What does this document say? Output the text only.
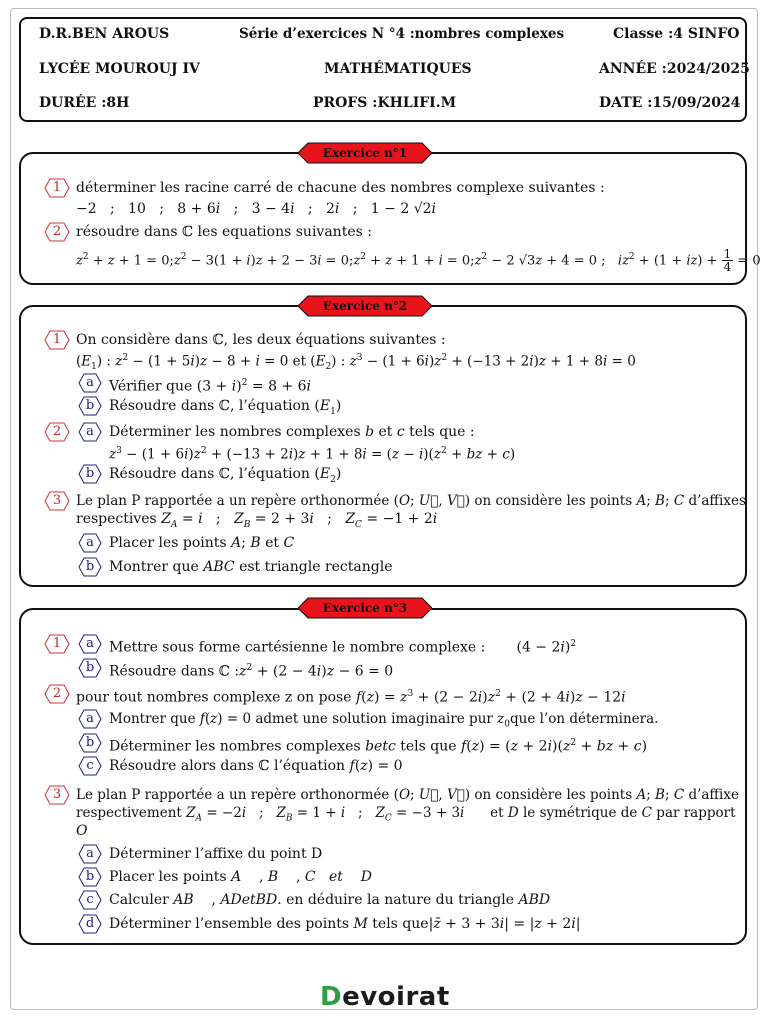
D.R.BEN AROUS	Série d’exercices N °4 :nombres complexes	Classe :4 SINFO
LYCÉE MOUROUJ IV	MATHÉMATIQUES	ANNÉE :2024/2025
DURÉE :8H	PROFS :KHLIFI.M	DATE :15/09/2024
Exercice n°1
1	déterminer les racine carré de chacune des nombres complexe suivantes :
−2   ;   10   ;   8 + 6i   ;   3 − 4i   ;   2i   ;   1 − 2 √2i
2	résoudre dans ℂ les equations suivantes :
$z^2 + z + 1$ = $0;z^2 - 3(1 + i)z + 2 - 3i$ = $0;z^2 + z + 1 + i$ = $0;z^2 - 2$ √3z + 4 = 0 ;   $iz^2 + (1 + iz) + \frac{1}{4} = 0$
Exercice n°2
1	On considère dans ℂ, les deux équations suivantes :
$(E_1)$ : $z^2 - (1 + 5i)z - 8 + i = 0$ et $(E_2)$ : $z^3 - (1 + 6i)z^2 + (-13 + 2i)z + 1 + 8i = 0$
a	Vérifier que $(3 + i)^2 = 8 + 6i$
b	Résoudre dans ℂ, l’équation $(E_1)$
2	a	Déterminer les nombres complexes b et c tels que :
$z^3 - (1 + 6i)z^2 + (-13 + 2i)z + 1 + 8i = (z - i)(z^2$ + bz + c)
b	Résoudre dans ℂ, l’équation $(E_2)$
3	Le plan P rapportée a un repère orthonormée (O; U⃗, V⃗) on considère les points A; B; C d’affixes
respectives $Z_A = i$   ;   $Z_B = 2 + 3i$   ;   $Z_C = -1 + 2i$
a	Placer les points A; B et C
b	Montrer que ABC est triangle rectangle
Exercice n°3
1	a	Mettre sous forme cartésienne le nombre complexe :       $(4 - 2i)^2$
b	Résoudre dans ℂ $:z^2 + (2 - 4i)z - 6 = 0$
2	pour tout nombres complexe z on pose $f(z) = z^3 + (2 - 2i)z^2 + (2 + 4i)z - 12i$
a	Montrer que f(z) = 0 admet une solution imaginaire pur $z_0que$ l’on déterminera.
b	Déterminer les nombres complexes betc tels que $f(z) = (z + 2i)(z^2$ + bz + c)
c	Résoudre alors dans ℂ l’équation f(z) = 0
3	Le plan P rapportée a un repère orthonormée (O; U⃗, V⃗) on considère les points A; B; C d’affixe
respectivement $Z_A = -2i$   ;   $Z_B = 1 + i$   ;   $Z_C = -3 + 3i$ et D le symétrique de C par rapport
O
a	Déterminer l’affixe du point D
b	Placer les points A    , B    , C et D
c	Calculer AB    , ADetBD. en déduire la nature du triangle ABD
d	Déterminer l’ensemble des points M tels que|z̄ + 3 + 3i| = |z + 2i|
Devoirat
